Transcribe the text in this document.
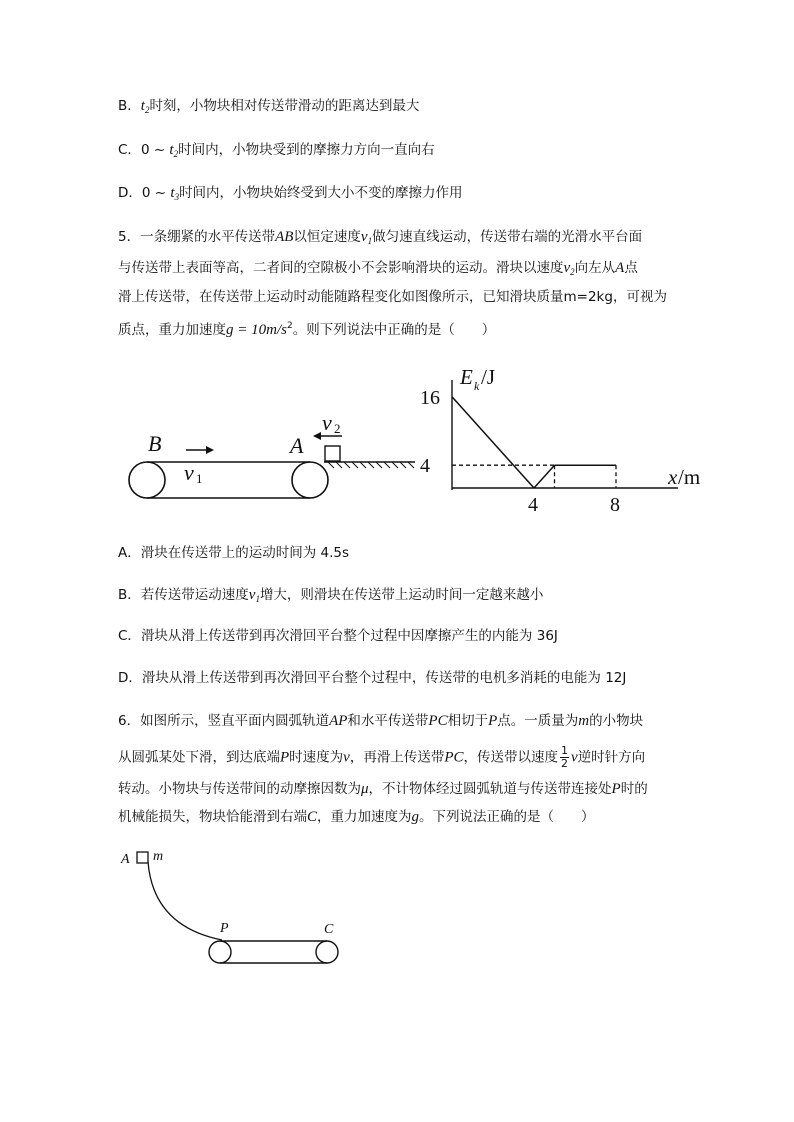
B．$t_2$时刻，小物块相对传送带滑动的距离达到最大
C．0 ~ $t_2$时间内，小物块受到的摩擦力方向一直向右
D．0 ~ $t_3$时间内，小物块始终受到大小不变的摩擦力作用
5．一条绷紧的水平传送带AB以恒定速度$v_1$做匀速直线运动，传送带右端的光滑水平台面
与传送带上表面等高，二者间的空隙极小不会影响滑块的运动。滑块以速度$v_2$向左从A点
滑上传送带，在传送带上运动时动能随路程变化如图像所示，已知滑块质量m=2kg，可视为
质点，重力加速度$g = 10m/s^2$。则下列说法中正确的是（　　）
B	A
v 1
v 2
16
4
4	8
E k /J
x /m
A．滑块在传送带上的运动时间为 4.5s
B．若传送带运动速度$v_1$增大，则滑块在传送带上运动时间一定越来越小
C．滑块从滑上传送带到再次滑回平台整个过程中因摩擦产生的内能为 36J
D．滑块从滑上传送带到再次滑回平台整个过程中，传送带的电机多消耗的电能为 12J
6．如图所示，竖直平面内圆弧轨道AP和水平传送带PC相切于P点。一质量为m的小物块
从圆弧某处下滑，到达底端P时速度为v，再滑上传送带PC，传送带以速度 $\frac{1}{2}$ v逆时针方向
转动。小物块与传送带间的动摩擦因数为μ，不计物体经过圆弧轨道与传送带连接处P时的
机械能损失，物块恰能滑到右端C，重力加速度为g。下列说法正确的是（　　）
A m
P	C
